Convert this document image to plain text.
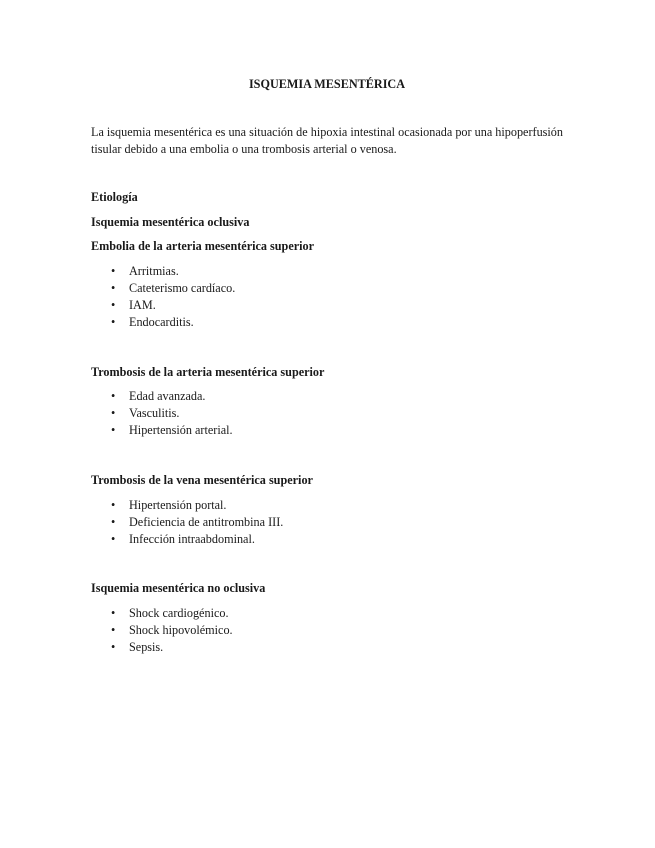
ISQUEMIA MESENTÉRICA

La isquemia mesentérica es una situación de hipoxia intestinal ocasionada por una hipoperfusión tisular debido a una embolia o una trombosis arterial o venosa.

Etiología
Isquemia mesentérica oclusiva
Embolia de la arteria mesentérica superior
• Arritmias.
• Cateterismo cardíaco.
• IAM.
• Endocarditis.
Trombosis de la arteria mesentérica superior
• Edad avanzada.
• Vasculitis.
• Hipertensión arterial.
Trombosis de la vena mesentérica superior
• Hipertensión portal.
• Deficiencia de antitrombina III.
• Infección intraabdominal.
Isquemia mesentérica no oclusiva
• Shock cardiogénico.
• Shock hipovolémico.
• Sepsis.
